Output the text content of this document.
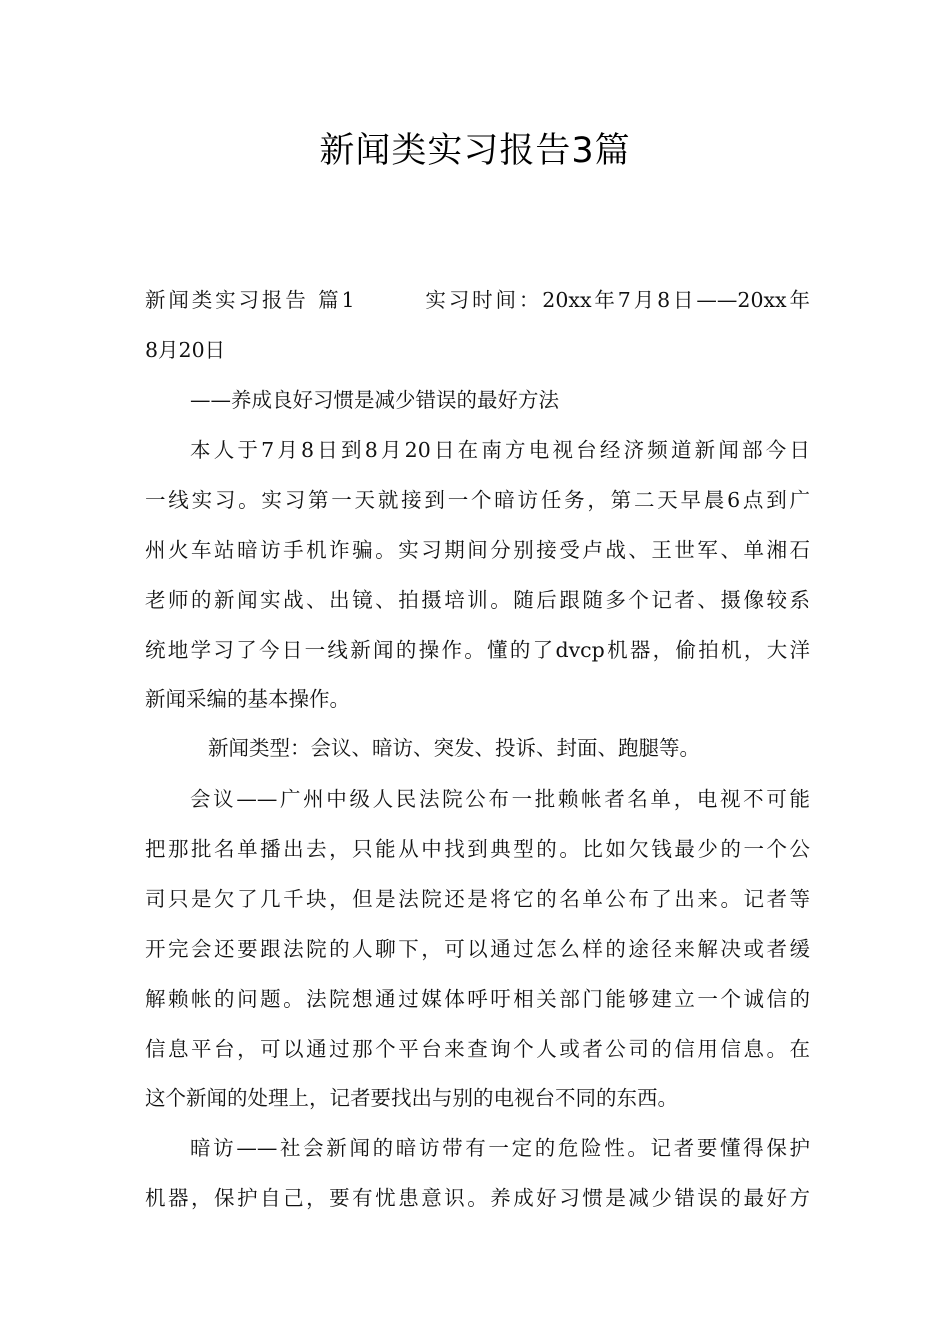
新闻类实习报告3篇
新闻类实习报告 篇1	实习时间：20xx年7月8日——20xx年
8月20日
——养成良好习惯是减少错误的最好方法
本人于7月8日到8月20日在南方电视台经济频道新闻部今日
一线实习。实习第一天就接到一个暗访任务，第二天早晨6点到广
州火车站暗访手机诈骗。实习期间分别接受卢战、王世军、单湘石
老师的新闻实战、出镜、拍摄培训。随后跟随多个记者、摄像较系
统地学习了今日一线新闻的操作。懂的了dvcp机器，偷拍机，大洋
新闻采编的基本操作。
新闻类型：会议、暗访、突发、投诉、封面、跑腿等。
会议——广州中级人民法院公布一批赖帐者名单，电视不可能
把那批名单播出去，只能从中找到典型的。比如欠钱最少的一个公
司只是欠了几千块，但是法院还是将它的名单公布了出来。记者等
开完会还要跟法院的人聊下，可以通过怎么样的途径来解决或者缓
解赖帐的问题。法院想通过媒体呼吁相关部门能够建立一个诚信的
信息平台，可以通过那个平台来查询个人或者公司的信用信息。在
这个新闻的处理上，记者要找出与别的电视台不同的东西。
暗访——社会新闻的暗访带有一定的危险性。记者要懂得保护
机器，保护自己，要有忧患意识。养成好习惯是减少错误的最好方
